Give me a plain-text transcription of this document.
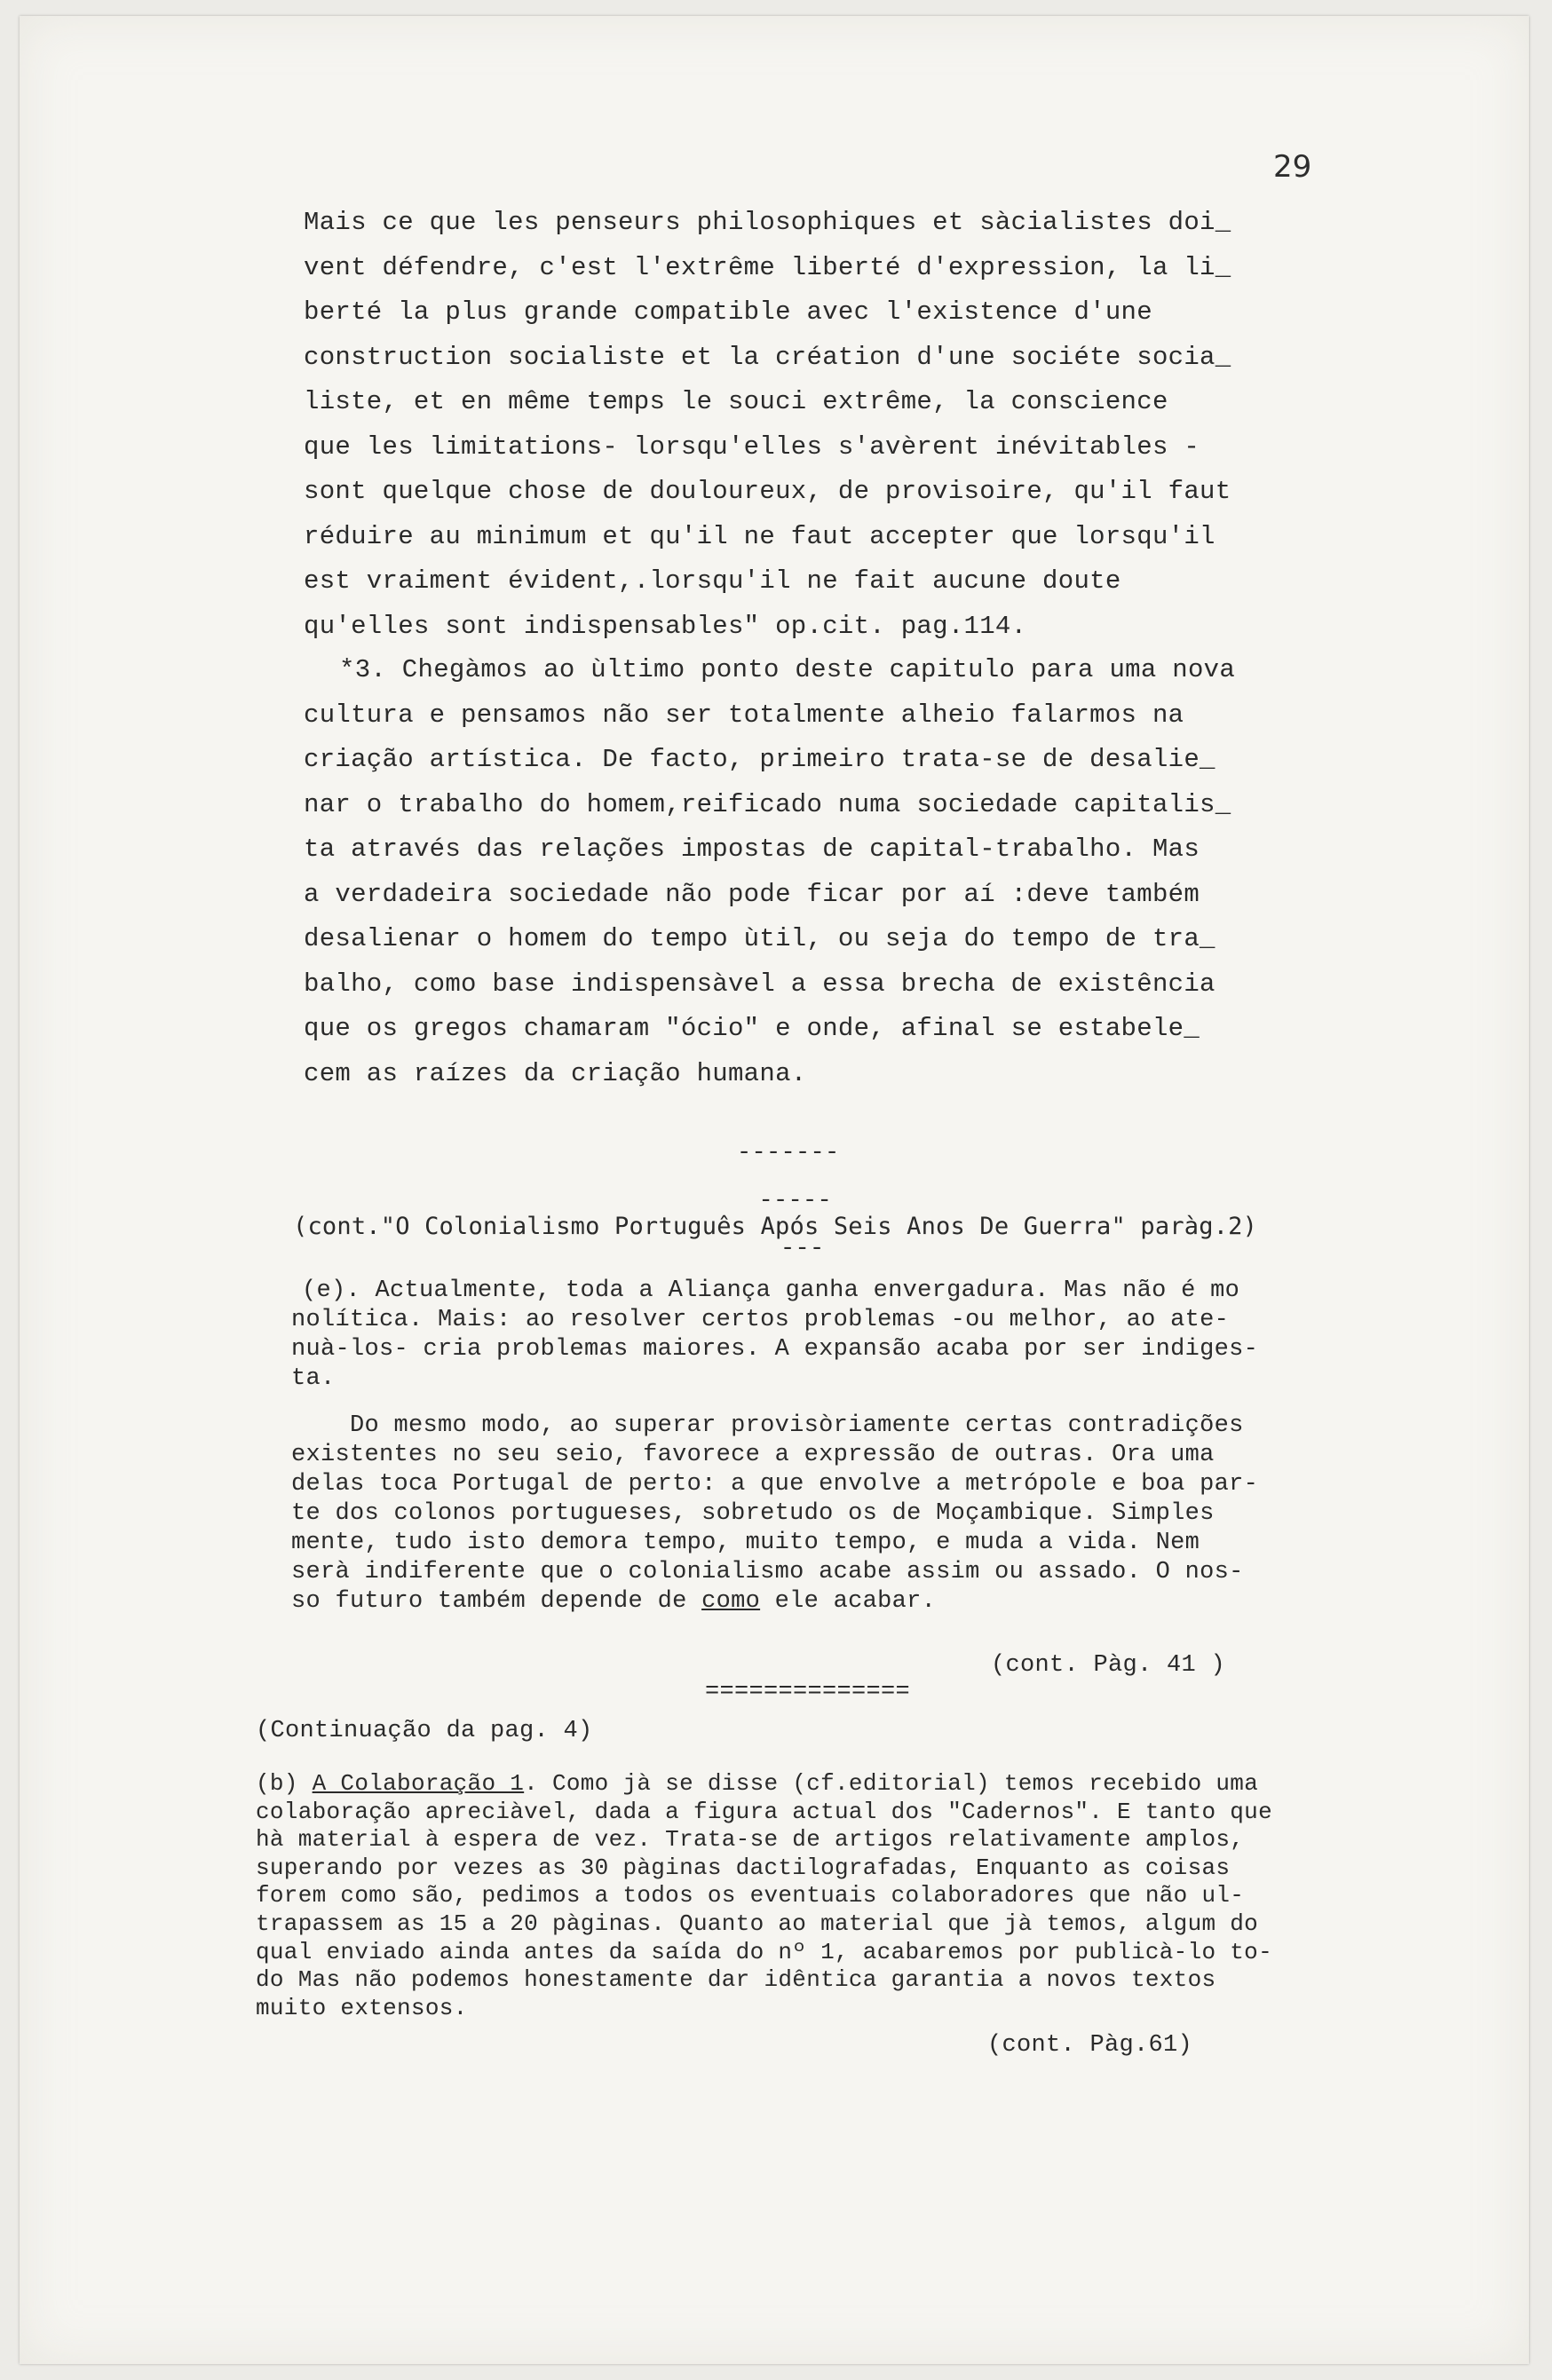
29
Mais ce que les penseurs philosophiques et sàcialistes doi_
vent défendre, c'est l'extrême liberté d'expression, la li_
berté la plus grande compatible avec l'existence d'une
construction socialiste et la création d'une sociéte socia_
liste, et en même temps le souci extrême, la conscience
que les limitations- lorsqu'elles s'avèrent inévitables -
sont quelque chose de douloureux, de provisoire, qu'il faut
réduire au minimum et qu'il ne faut accepter que lorsqu'il
est vraiment évident,.lorsqu'il ne fait aucune doute
qu'elles sont indispensables" op.cit. pag.114.
*3. Chegàmos ao ùltimo ponto deste capitulo para uma nova
cultura e pensamos não ser totalmente alheio falarmos na
criação artística. De facto, primeiro trata-se de desalie_
nar o trabalho do homem,reificado numa sociedade capitalis_
ta através das relações impostas de capital-trabalho. Mas
a verdadeira sociedade não pode ficar por aí :deve também
desalienar o homem do tempo ùtil, ou seja do tempo de tra_
balho, como base indispensàvel a essa brecha de existência
que os gregos chamaram "ócio" e onde, afinal se estabele_
cem as raízes da criação humana.

-------

-----

---

(cont."O Colonialismo Português Após Seis Anos De Guerra" paràg.2)
(e). Actualmente, toda a Aliança ganha envergadura. Mas não é mo
nolítica. Mais: ao resolver certos problemas -ou melhor, ao ate-
nuà-los- cria problemas maiores. A expansão acaba por ser indiges-
ta.
Do mesmo modo, ao superar provisòriamente certas contradições
existentes no seu seio, favorece a expressão de outras. Ora uma
delas toca Portugal de perto: a que envolve a metrópole e boa par-
te dos colonos portugueses, sobretudo os de Moçambique. Simples
mente, tudo isto demora tempo, muito tempo, e muda a vida. Nem
serà indiferente que o colonialismo acabe assim ou assado. O nos-
so futuro também depende de como ele acabar.
(cont. Pàg. 41 )
==============
(Continuação da pag. 4)
(b) A Colaboração 1. Como jà se disse (cf.editorial) temos recebido uma
colaboração apreciàvel, dada a figura actual dos "Cadernos". E tanto que
hà material à espera de vez. Trata-se de artigos relativamente amplos,
superando por vezes as 30 pàginas dactilografadas, Enquanto as coisas
forem como são, pedimos a todos os eventuais colaboradores que não ul-
trapassem as 15 a 20 pàginas. Quanto ao material que jà temos, algum do
qual enviado ainda antes da saída do nº 1, acabaremos por publicà-lo to-
do Mas não podemos honestamente dar idêntica garantia a novos textos
muito extensos.
(cont. Pàg.61)
